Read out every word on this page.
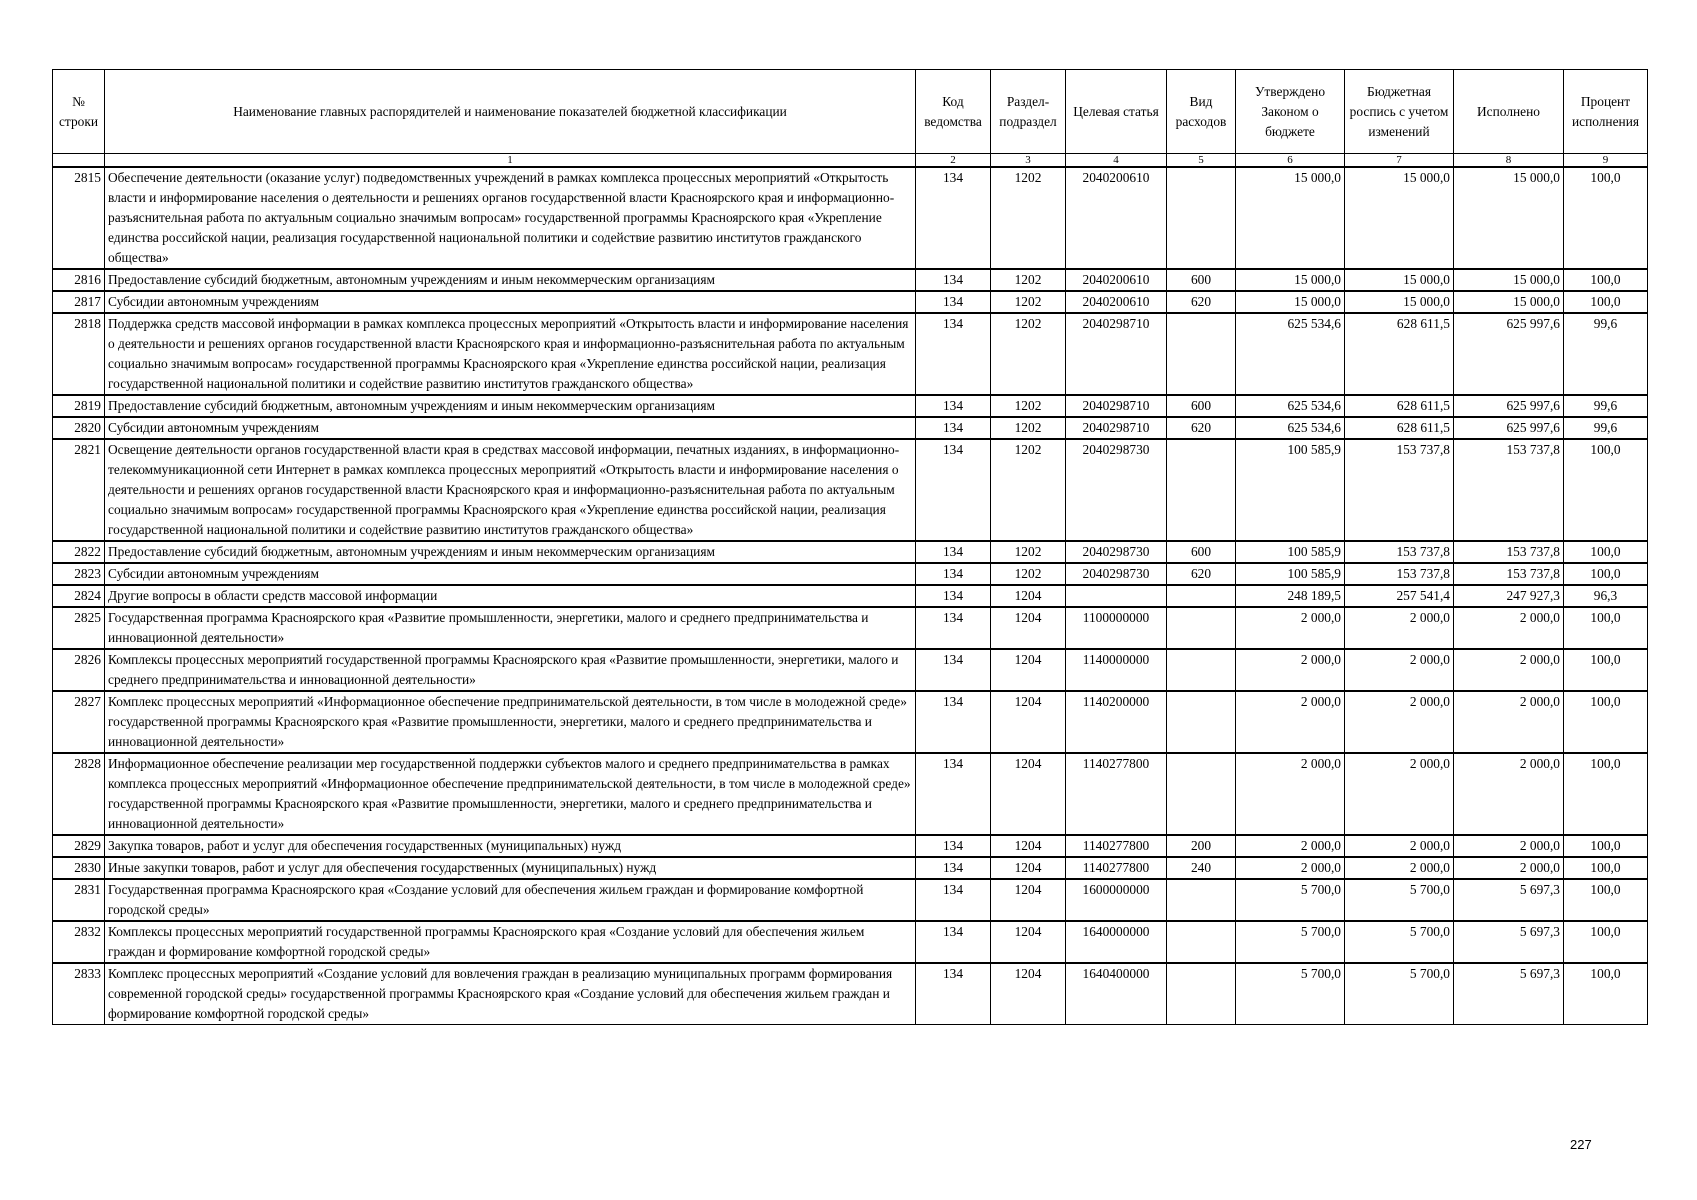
№ строки	Наименование главных распорядителей и наименование показателей бюджетной классификации	Код ведомства	Раздел-подраздел	Целевая статья	Вид расходов	Утверждено Законом о бюджете	Бюджетная роспись с учетом изменений	Исполнено	Процент исполнения
	1	2	3	4	5	6	7	8	9
2815	Обеспечение деятельности (оказание услуг) подведомственных учреждений в рамках комплекса процессных мероприятий «Открытость власти и информирование населения о деятельности и решениях органов государственной власти Красноярского края и информационно-разъяснительная работа по актуальным социально значимым вопросам» государственной программы Красноярского края «Укрепление единства российской нации, реализация государственной национальной политики и содействие развитию институтов гражданского общества»	134	1202	2040200610		15 000,0	15 000,0	15 000,0	100,0
2816	Предоставление субсидий бюджетным, автономным учреждениям и иным некоммерческим организациям	134	1202	2040200610	600	15 000,0	15 000,0	15 000,0	100,0
2817	Субсидии автономным учреждениям	134	1202	2040200610	620	15 000,0	15 000,0	15 000,0	100,0
2818	Поддержка средств массовой информации в рамках комплекса процессных мероприятий «Открытость власти и информирование населения о деятельности и решениях органов государственной власти Красноярского края и информационно-разъяснительная работа по актуальным социально значимым вопросам» государственной программы Красноярского края «Укрепление единства российской нации, реализация государственной национальной политики и содействие развитию институтов гражданского общества»	134	1202	2040298710		625 534,6	628 611,5	625 997,6	99,6
2819	Предоставление субсидий бюджетным, автономным учреждениям и иным некоммерческим организациям	134	1202	2040298710	600	625 534,6	628 611,5	625 997,6	99,6
2820	Субсидии автономным учреждениям	134	1202	2040298710	620	625 534,6	628 611,5	625 997,6	99,6
2821	Освещение деятельности органов государственной власти края в средствах массовой информации, печатных изданиях, в информационно-телекоммуникационной сети Интернет в рамках комплекса процессных мероприятий «Открытость власти и информирование населения о деятельности и решениях органов государственной власти Красноярского края и информационно-разъяснительная работа по актуальным социально значимым вопросам» государственной программы Красноярского края «Укрепление единства российской нации, реализация государственной национальной политики и содействие развитию институтов гражданского общества»	134	1202	2040298730		100 585,9	153 737,8	153 737,8	100,0
2822	Предоставление субсидий бюджетным, автономным учреждениям и иным некоммерческим организациям	134	1202	2040298730	600	100 585,9	153 737,8	153 737,8	100,0
2823	Субсидии автономным учреждениям	134	1202	2040298730	620	100 585,9	153 737,8	153 737,8	100,0
2824	Другие вопросы в области средств массовой информации	134	1204			248 189,5	257 541,4	247 927,3	96,3
2825	Государственная программа Красноярского края «Развитие промышленности, энергетики, малого и среднего предпринимательства и инновационной деятельности»	134	1204	1100000000		2 000,0	2 000,0	2 000,0	100,0
2826	Комплексы процессных мероприятий государственной программы Красноярского края «Развитие промышленности, энергетики, малого и среднего предпринимательства и инновационной деятельности»	134	1204	1140000000		2 000,0	2 000,0	2 000,0	100,0
2827	Комплекс процессных мероприятий «Информационное обеспечение предпринимательской деятельности, в том числе в молодежной среде» государственной программы Красноярского края «Развитие промышленности, энергетики, малого и среднего предпринимательства и инновационной деятельности»	134	1204	1140200000		2 000,0	2 000,0	2 000,0	100,0
2828	Информационное обеспечение реализации мер государственной поддержки субъектов малого и среднего предпринимательства в рамках комплекса процессных мероприятий «Информационное обеспечение предпринимательской деятельности, в том числе в молодежной среде» государственной программы Красноярского края «Развитие промышленности, энергетики, малого и среднего предпринимательства и инновационной деятельности»	134	1204	1140277800		2 000,0	2 000,0	2 000,0	100,0
2829	Закупка товаров, работ и услуг для обеспечения государственных (муниципальных) нужд	134	1204	1140277800	200	2 000,0	2 000,0	2 000,0	100,0
2830	Иные закупки товаров, работ и услуг для обеспечения государственных (муниципальных) нужд	134	1204	1140277800	240	2 000,0	2 000,0	2 000,0	100,0
2831	Государственная программа Красноярского края «Создание условий для обеспечения жильем граждан и формирование комфортной городской среды»	134	1204	1600000000		5 700,0	5 700,0	5 697,3	100,0
2832	Комплексы процессных мероприятий государственной программы Красноярского края «Создание условий для обеспечения жильем граждан и формирование комфортной городской среды»	134	1204	1640000000		5 700,0	5 700,0	5 697,3	100,0
2833	Комплекс процессных мероприятий «Создание условий для вовлечения граждан в реализацию муниципальных программ формирования современной городской среды» государственной программы Красноярского края «Создание условий для обеспечения жильем граждан и формирование комфортной городской среды»	134	1204	1640400000		5 700,0	5 700,0	5 697,3	100,0
227
